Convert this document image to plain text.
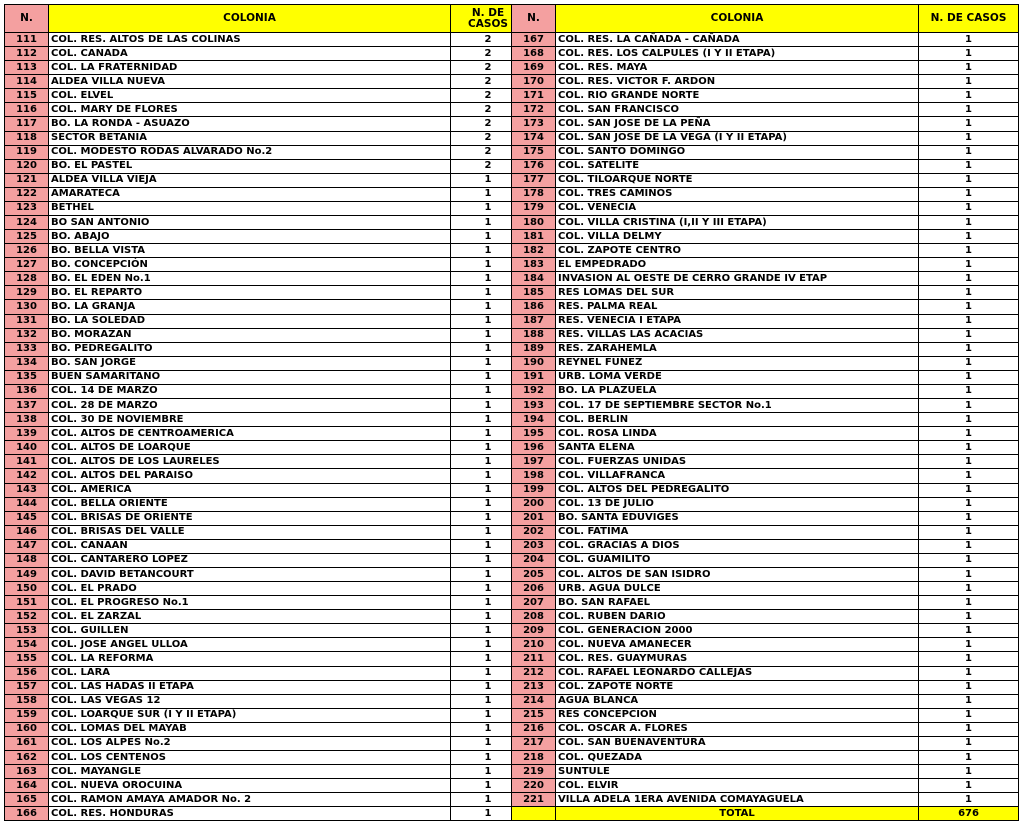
N.	COLONIA	N. DE CASOS
111	COL. RES. ALTOS DE LAS COLINAS	2
112	COL. CANADA	2
113	COL. LA FRATERNIDAD	2
114	ALDEA VILLA NUEVA	2
115	COL. ELVEL	2
116	COL. MARY DE FLORES	2
117	BO. LA RONDA - ASUAZO	2
118	SECTOR BETANIA	2
119	COL. MODESTO RODAS ALVARADO No.2	2
120	BO. EL PASTEL	2
121	ALDEA VILLA VIEJA	1
122	AMARATECA	1
123	BETHEL	1
124	BO SAN ANTONIO	1
125	BO. ABAJO	1
126	BO. BELLA VISTA	1
127	BO. CONCEPCIÓN	1
128	BO. EL EDEN No.1	1
129	BO. EL REPARTO	1
130	BO. LA GRANJA	1
131	BO. LA SOLEDAD	1
132	BO. MORAZAN	1
133	BO. PEDREGALITO	1
134	BO. SAN JORGE	1
135	BUEN SAMARITANO	1
136	COL. 14 DE MARZO	1
137	COL. 28 DE MARZO	1
138	COL. 30 DE NOVIEMBRE	1
139	COL. ALTOS DE CENTROAMERICA	1
140	COL. ALTOS DE LOARQUE	1
141	COL. ALTOS DE LOS LAURELES	1
142	COL. ALTOS DEL PARAISO	1
143	COL. AMERICA	1
144	COL. BELLA ORIENTE	1
145	COL. BRISAS DE ORIENTE	1
146	COL. BRISAS DEL VALLE	1
147	COL. CANAAN	1
148	COL. CANTARERO LOPEZ	1
149	COL. DAVID BETANCOURT	1
150	COL. EL PRADO	1
151	COL. EL PROGRESO No.1	1
152	COL. EL ZARZAL	1
153	COL. GUILLEN	1
154	COL. JOSE ANGEL ULLOA	1
155	COL. LA REFORMA	1
156	COL. LARA	1
157	COL. LAS HADAS II ETAPA	1
158	COL. LAS VEGAS 12	1
159	COL. LOARQUE SUR (I Y II ETAPA)	1
160	COL. LOMAS DEL MAYAB	1
161	COL. LOS ALPES No.2	1
162	COL. LOS CENTENOS	1
163	COL. MAYANGLE	1
164	COL. NUEVA OROCUINA	1
165	COL. RAMON AMAYA AMADOR No. 2	1
166	COL. RES. HONDURAS	1
N.	COLONIA	N. DE CASOS
167	COL. RES. LA CAÑADA - CAÑADA	1
168	COL. RES. LOS CALPULES (I Y II ETAPA)	1
169	COL. RES. MAYA	1
170	COL. RES. VICTOR F. ARDON	1
171	COL. RIO GRANDE NORTE	1
172	COL. SAN FRANCISCO	1
173	COL. SAN JOSE DE LA PEÑA	1
174	COL. SAN JOSE DE LA VEGA (I Y II ETAPA)	1
175	COL. SANTO DOMINGO	1
176	COL. SATELITE	1
177	COL. TILOARQUE NORTE	1
178	COL. TRES CAMINOS	1
179	COL. VENECIA	1
180	COL. VILLA CRISTINA (I,II Y III ETAPA)	1
181	COL. VILLA DELMY	1
182	COL. ZAPOTE CENTRO	1
183	EL EMPEDRADO	1
184	INVASION AL OESTE DE CERRO GRANDE IV ETAP	1
185	RES LOMAS DEL SUR	1
186	RES. PALMA REAL	1
187	RES. VENECIA I ETAPA	1
188	RES. VILLAS LAS ACACIAS	1
189	RES. ZARAHEMLA	1
190	REYNEL FUNEZ	1
191	URB. LOMA VERDE	1
192	BO. LA PLAZUELA	1
193	COL. 17 DE SEPTIEMBRE SECTOR No.1	1
194	COL. BERLIN	1
195	COL. ROSA LINDA	1
196	SANTA ELENA	1
197	COL. FUERZAS UNIDAS	1
198	COL. VILLAFRANCA	1
199	COL. ALTOS DEL PEDREGALITO	1
200	COL. 13 DE JULIO	1
201	BO. SANTA EDUVIGES	1
202	COL. FATIMA	1
203	COL. GRACIAS A DIOS	1
204	COL. GUAMILITO	1
205	COL. ALTOS DE SAN ISIDRO	1
206	URB. AGUA DULCE	1
207	BO. SAN RAFAEL	1
208	COL. RUBEN DARIO	1
209	COL. GENERACION 2000	1
210	COL. NUEVA AMANECER	1
211	COL. RES. GUAYMURAS	1
212	COL. RAFAEL LEONARDO CALLEJAS	1
213	COL. ZAPOTE NORTE	1
214	AGUA BLANCA	1
215	RES CONCEPCION	1
216	COL. OSCAR A. FLORES	1
217	COL. SAN BUENAVENTURA	1
218	COL. QUEZADA	1
219	SUNTULE	1
220	COL. ELVIR	1
221	VILLA ADELA 1ERA AVENIDA COMAYAGUELA	1
	TOTAL	676
